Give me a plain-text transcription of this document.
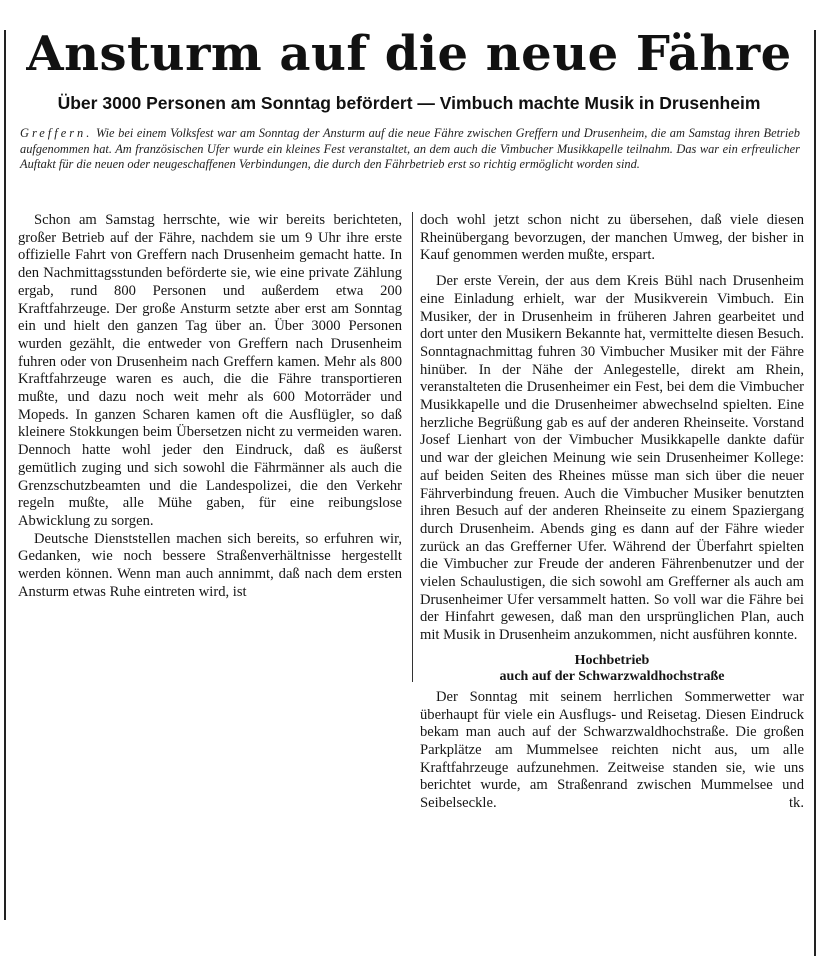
Ansturm auf die neue Fähre
Über 3000 Personen am Sonntag befördert — Vimbuch machte Musik in Drusenheim
Greffern. Wie bei einem Volksfest war am Sonntag der Ansturm auf die neue Fähre zwischen Greffern und Drusenheim, die am Samstag ihren Betrieb aufgenommen hat. Am französischen Ufer wurde ein kleines Fest veranstaltet, an dem auch die Vimbucher Musikkapelle teilnahm. Das war ein erfreulicher Auftakt für die neuen oder neugeschaffenen Verbindungen, die durch den Fährbetrieb erst so richtig ermöglicht worden sind.

Schon am Samstag herrschte, wie wir bereits berichteten, großer Betrieb auf der Fähre, nachdem sie um 9 Uhr ihre erste offizielle Fahrt von Greffern nach Drusenheim gemacht hatte. In den Nachmittagsstunden beförderte sie, wie eine private Zählung ergab, rund 800 Personen und außerdem etwa 200 Kraftfahrzeuge. Der große Ansturm setzte aber erst am Sonntag ein und hielt den ganzen Tag über an. Über 3000 Personen wurden gezählt, die entweder von Greffern nach Drusenheim fuhren oder von Drusenheim nach Greffern kamen. Mehr als 800 Kraftfahrzeuge waren es auch, die die Fähre transportieren mußte, und dazu noch weit mehr als 600 Motorräder und Mopeds. In ganzen Scharen kamen oft die Ausflügler, so daß kleinere Stokkungen beim Übersetzen nicht zu vermeiden waren. Dennoch hatte wohl jeder den Eindruck, daß es äußerst gemütlich zuging und sich sowohl die Fährmänner als auch die Grenzschutzbeamten und die Landespolizei, die den Verkehr regeln mußte, alle Mühe gaben, für eine reibungslose Abwicklung zu sorgen.

Deutsche Dienststellen machen sich bereits, so erfuhren wir, Gedanken, wie noch bessere Straßenverhältnisse hergestellt werden können. Wenn man auch annimmt, daß nach dem ersten Ansturm etwas Ruhe eintreten wird, ist

doch wohl jetzt schon nicht zu übersehen, daß viele diesen Rheinübergang bevorzugen, der manchen Umweg, der bisher in Kauf genommen werden mußte, erspart.

Der erste Verein, der aus dem Kreis Bühl nach Drusenheim eine Einladung erhielt, war der Musikverein Vimbuch. Ein Musiker, der in Drusenheim in früheren Jahren gearbeitet und dort unter den Musikern Bekannte hat, vermittelte diesen Besuch. Sonntagnachmittag fuhren 30 Vimbucher Musiker mit der Fähre hinüber. In der Nähe der Anlegestelle, direkt am Rhein, veranstalteten die Drusenheimer ein Fest, bei dem die Vimbucher Musikkapelle und die Drusenheimer abwechselnd spielten. Eine herzliche Begrüßung gab es auf der anderen Rheinseite. Vorstand Josef Lienhart von der Vimbucher Musikkapelle dankte dafür und war der gleichen Meinung wie sein Drusenheimer Kollege: auf beiden Seiten des Rheines müsse man sich über die neuer Fährverbindung freuen. Auch die Vimbucher Musiker benutzten ihren Besuch auf der anderen Rheinseite zu einem Spaziergang durch Drusenheim. Abends ging es dann auf der Fähre wieder zurück an das Grefferner Ufer. Während der Überfahrt spielten die Vimbucher zur Freude der anderen Fährenbenutzer und der vielen Schaulustigen, die sich sowohl am Grefferner als auch am Drusenheimer Ufer versammelt hatten. So voll war die Fähre bei der Hinfahrt gewesen, daß man den ursprünglichen Plan, auch mit Musik in Drusenheim anzukommen, nicht ausführen konnte.

Hochbetrieb
auch auf der Schwarzwaldhochstraße

Der Sonntag mit seinem herrlichen Sommerwetter war überhaupt für viele ein Ausflugs- und Reisetag. Diesen Eindruck bekam man auch auf der Schwarzwaldhochstraße. Die großen Parkplätze am Mummelsee reichten nicht aus, um alle Kraftfahrzeuge aufzunehmen. Zeitweise standen sie, wie uns berichtet wurde, am Straßenrand zwischen Mummelsee und Seibelseckle.	tk.
